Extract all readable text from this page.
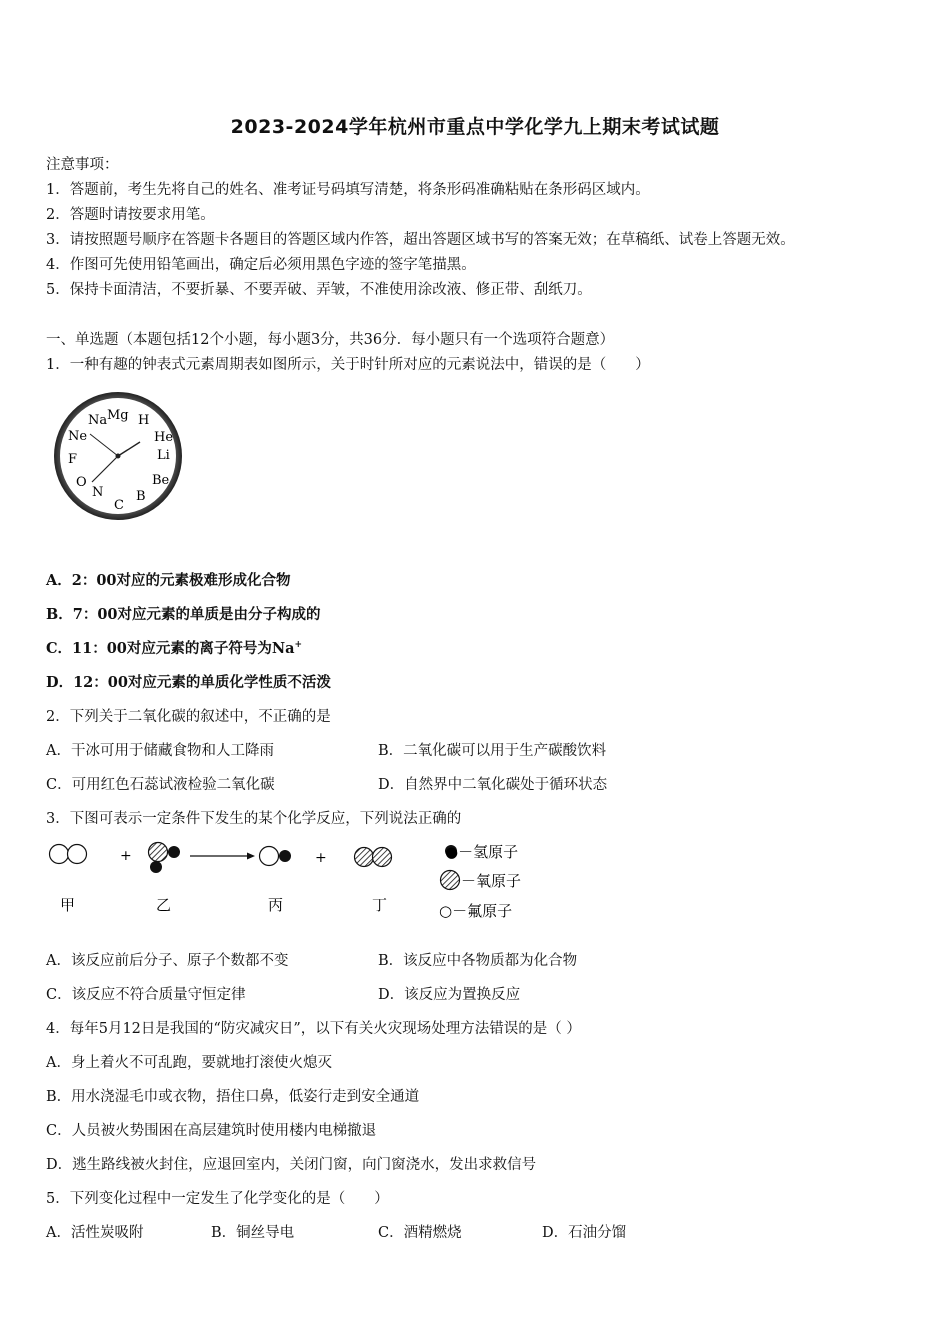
2023-2024学年杭州市重点中学化学九上期末考试试题
注意事项：
1．答题前，考生先将自己的姓名、准考证号码填写清楚，将条形码准确粘贴在条形码区域内。
2．答题时请按要求用笔。
3．请按照题号顺序在答题卡各题目的答题区域内作答，超出答题区域书写的答案无效；在草稿纸、试卷上答题无效。
4．作图可先使用铅笔画出，确定后必须用黑色字迹的签字笔描黑。
5．保持卡面清洁，不要折暴、不要弄破、弄皱，不准使用涂改液、修正带、刮纸刀。
一、单选题（本题包括12个小题，每小题3分，共36分．每小题只有一个选项符合题意）
1．一种有趣的钟表式元素周期表如图所示，关于时针所对应的元素说法中，错误的是（　　）
H
He
Li
Be
B
C
N
O
F
Ne
Na Mg
A．2：00对应的元素极难形成化合物
B．7：00对应元素的单质是由分子构成的
C．11：00对应元素的离子符号为Na+
D．12：00对应元素的单质化学性质不活泼
2．下列关于二氧化碳的叙述中，不正确的是
A．干冰可用于储藏食物和人工降雨	B．二氧化碳可以用于生产碳酸饮料
C．可用红色石蕊试液检验二氧化碳	D．自然界中二氧化碳处于循环状态
3．下图可表示一定条件下发生的某个化学反应，下列说法正确的
+	+
甲	乙	丙	丁
●－氢原子
－氧原子
○－氟原子
A．该反应前后分子、原子个数都不变	B．该反应中各物质都为化合物
C．该反应不符合质量守恒定律	D．该反应为置换反应
4．每年5月12日是我国的“防灾减灾日”，以下有关火灾现场处理方法错误的是（ ）
A．身上着火不可乱跑，要就地打滚使火熄灭
B．用水浇湿毛巾或衣物，捂住口鼻，低姿行走到安全通道
C．人员被火势围困在高层建筑时使用楼内电梯撤退
D．逃生路线被火封住，应退回室内，关闭门窗，向门窗浇水，发出求救信号
5．下列变化过程中一定发生了化学变化的是（　　）
A．活性炭吸附	B．铜丝导电	C．酒精燃烧	D．石油分馏
